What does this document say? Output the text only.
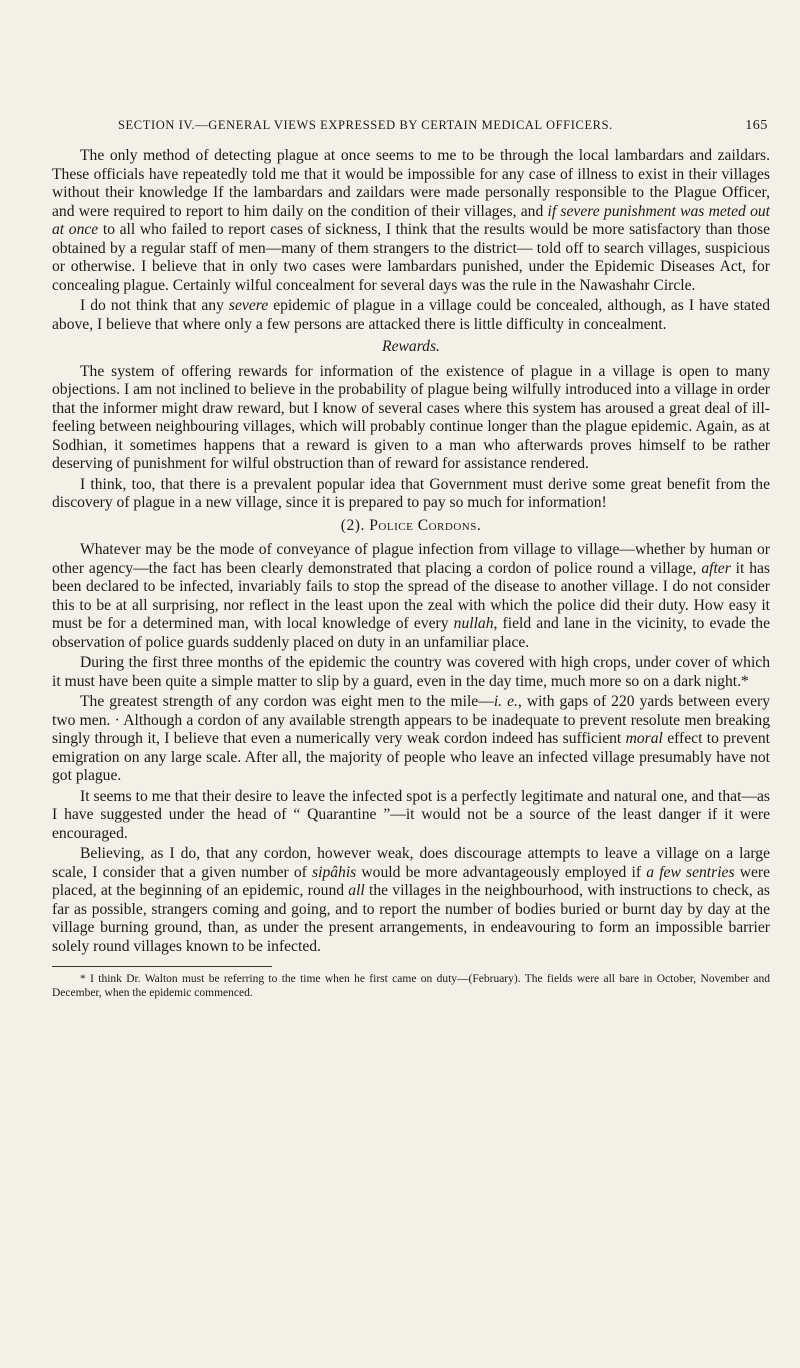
SECTION IV.—GENERAL VIEWS EXPRESSED BY CERTAIN MEDICAL OFFICERS.	165

The only method of detecting plague at once seems to me to be through the local lambardars and zaildars. These officials have repeatedly told me that it would be impossible for any case of illness to exist in their villages without their knowledge If the lambardars and zaildars were made personally responsible to the Plague Officer, and were required to report to him daily on the condition of their villages, and if severe punishment was meted out at once to all who failed to report cases of sickness, I think that the results would be more satisfactory than those obtained by a regular staff of men—many of them strangers to the district— told off to search villages, suspicious or otherwise. I believe that in only two cases were lambardars punished, under the Epidemic Diseases Act, for concealing plague. Certainly wilful concealment for several days was the rule in the Nawashahr Circle.

I do not think that any severe epidemic of plague in a village could be concealed, although, as I have stated above, I believe that where only a few persons are attacked there is little difficulty in concealment.

Rewards.

The system of offering rewards for information of the existence of plague in a village is open to many objections. I am not inclined to believe in the probability of plague being wilfully introduced into a village in order that the informer might draw reward, but I know of several cases where this system has aroused a great deal of ill-feeling between neighbouring villages, which will probably continue longer than the plague epidemic. Again, as at Sodhian, it sometimes happens that a reward is given to a man who afterwards proves himself to be rather deserving of punishment for wilful obstruction than of reward for assistance rendered.

I think, too, that there is a prevalent popular idea that Government must derive some great benefit from the discovery of plague in a new village, since it is prepared to pay so much for information!

(2). Police Cordons.

Whatever may be the mode of conveyance of plague infection from village to village—whether by human or other agency—the fact has been clearly demonstrated that placing a cordon of police round a village, after it has been declared to be infected, invariably fails to stop the spread of the disease to another village. I do not consider this to be at all surprising, nor reflect in the least upon the zeal with which the police did their duty. How easy it must be for a determined man, with local knowledge of every nullah, field and lane in the vicinity, to evade the observation of police guards suddenly placed on duty in an unfamiliar place.

During the first three months of the epidemic the country was covered with high crops, under cover of which it must have been quite a simple matter to slip by a guard, even in the day time, much more so on a dark night.*

The greatest strength of any cordon was eight men to the mile—i. e., with gaps of 220 yards between every two men. · Although a cordon of any available strength appears to be inadequate to prevent resolute men breaking singly through it, I believe that even a numerically very weak cordon indeed has sufficient moral effect to prevent emigration on any large scale. After all, the majority of people who leave an infected village presumably have not got plague.

It seems to me that their desire to leave the infected spot is a perfectly legitimate and natural one, and that—as I have suggested under the head of “ Quarantine ”—it would not be a source of the least danger if it were encouraged.

Believing, as I do, that any cordon, however weak, does discourage attempts to leave a village on a large scale, I consider that a given number of sipâhis would be more advantageously employed if a few sentries were placed, at the beginning of an epidemic, round all the villages in the neighbourhood, with instructions to check, as far as possible, strangers coming and going, and to report the number of bodies buried or burnt day by day at the village burning ground, than, as under the present arrangements, in endeavouring to form an impossible barrier solely round villages known to be infected.

* I think Dr. Walton must be referring to the time when he first came on duty—(February). The fields were all bare in October, November and December, when the epidemic commenced.
